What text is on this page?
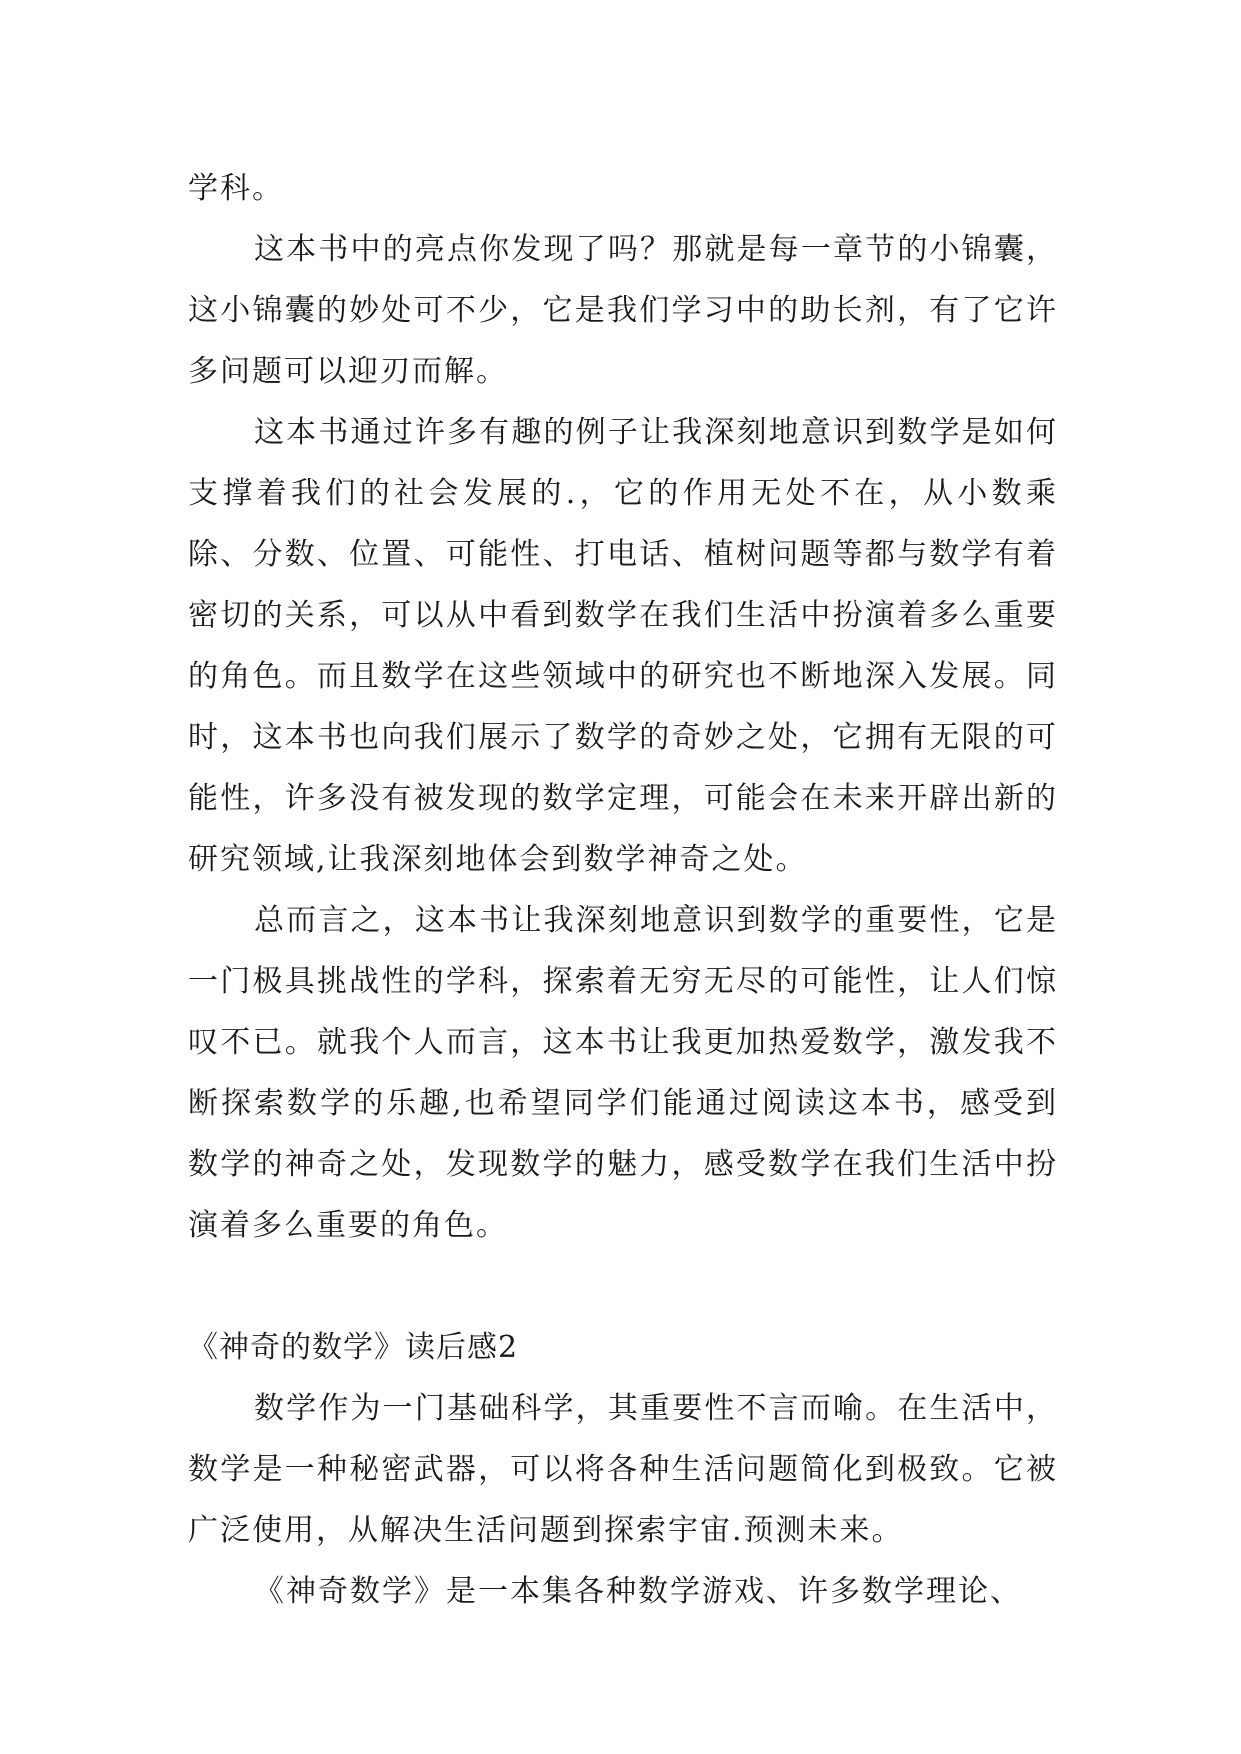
学科。

这本书中的亮点你发现了吗？那就是每一章节的小锦囊，这小锦囊的妙处可不少，它是我们学习中的助长剂，有了它许多问题可以迎刃而解。

这本书通过许多有趣的例子让我深刻地意识到数学是如何支撑着我们的社会发展的.，它的作用无处不在，从小数乘除、分数、位置、可能性、打电话、植树问题等都与数学有着密切的关系，可以从中看到数学在我们生活中扮演着多么重要的角色。而且数学在这些领域中的研究也不断地深入发展。同时，这本书也向我们展示了数学的奇妙之处，它拥有无限的可能性，许多没有被发现的数学定理，可能会在未来开辟出新的研究领域,让我深刻地体会到数学神奇之处。

总而言之，这本书让我深刻地意识到数学的重要性，它是一门极具挑战性的学科，探索着无穷无尽的可能性，让人们惊叹不已。就我个人而言，这本书让我更加热爱数学，激发我不断探索数学的乐趣,也希望同学们能通过阅读这本书，感受到数学的神奇之处，发现数学的魅力，感受数学在我们生活中扮演着多么重要的角色。

《神奇的数学》读后感2

数学作为一门基础科学，其重要性不言而喻。在生活中，数学是一种秘密武器，可以将各种生活问题简化到极致。它被广泛使用，从解决生活问题到探索宇宙.预测未来。

《神奇数学》是一本集各种数学游戏、许多数学理论、
